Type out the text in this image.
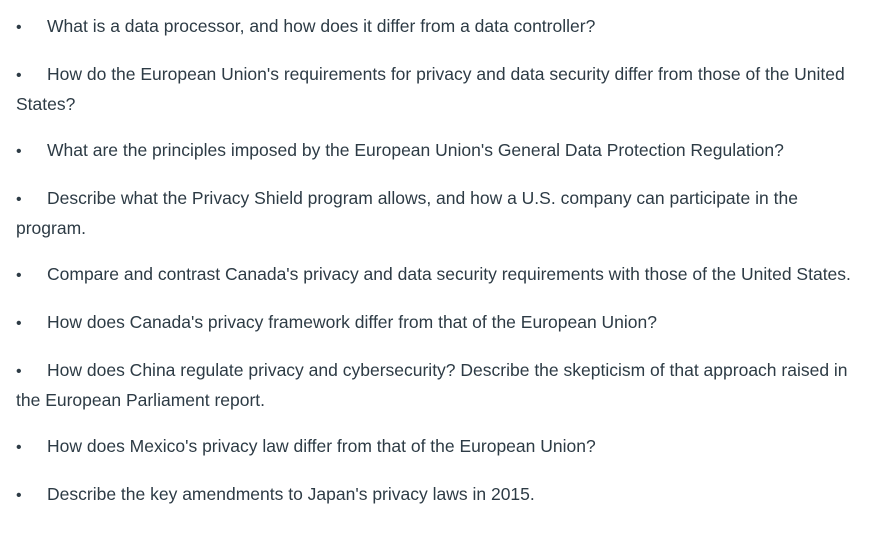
• What is a data processor, and how does it differ from a data controller?

• How do the European Union's requirements for privacy and data security differ from those of the United States?

• What are the principles imposed by the European Union's General Data Protection Regulation?

• Describe what the Privacy Shield program allows, and how a U.S. company can participate in the program.

• Compare and contrast Canada's privacy and data security requirements with those of the United States.

• How does Canada's privacy framework differ from that of the European Union?

• How does China regulate privacy and cybersecurity? Describe the skepticism of that approach raised in the European Parliament report.

• How does Mexico's privacy law differ from that of the European Union?

• Describe the key amendments to Japan's privacy laws in 2015.
